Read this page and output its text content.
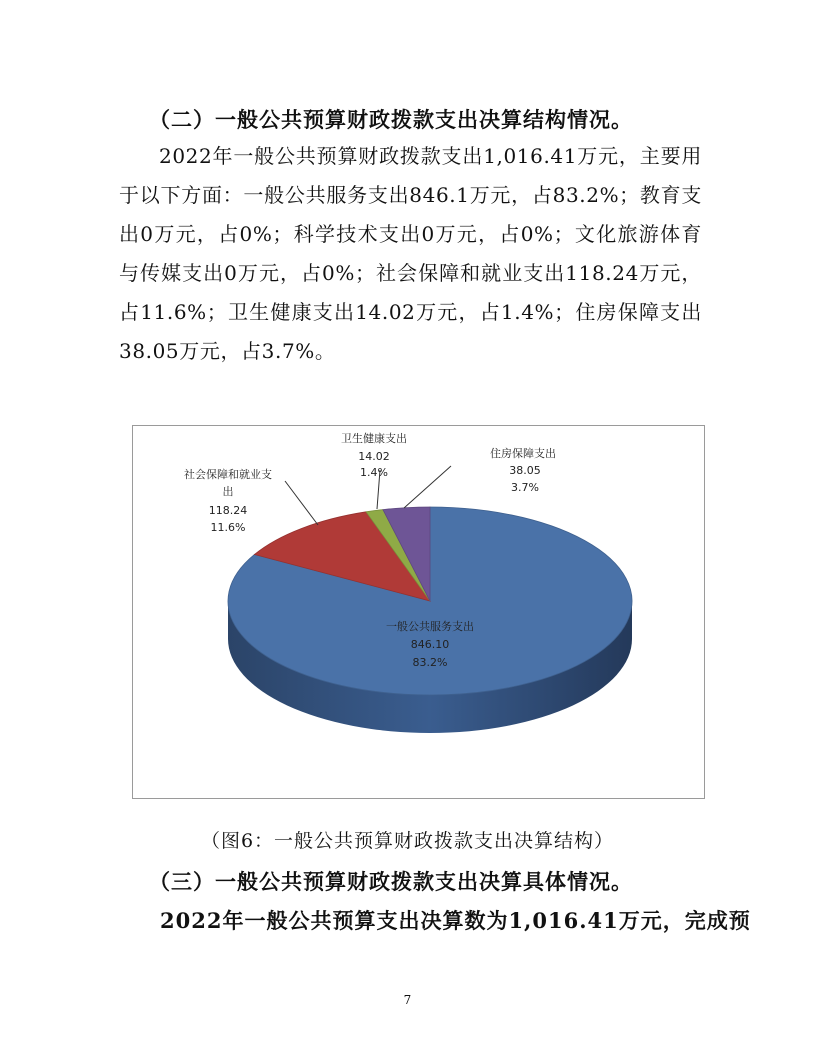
（二）一般公共预算财政拨款支出决算结构情况。
2022年一般公共预算财政拨款支出1,016.41万元，主要用于以下方面：一般公共服务支出846.1万元，占83.2%；教育支出0万元，占0%；科学技术支出0万元，占0%；文化旅游体育与传媒支出0万元，占0%；社会保障和就业支出118.24万元，占11.6%；卫生健康支出14.02万元，占1.4%；住房保障支出38.05万元，占3.7%。
卫生健康支出
14.02
1.4%
住房保障支出
38.05
3.7%
社会保障和就业支
出
118.24
11.6%
一般公共服务支出
846.10
83.2%
（图6：一般公共预算财政拨款支出决算结构）
（三）一般公共预算财政拨款支出决算具体情况。
2022年一般公共预算支出决算数为1,016.41万元，完成预
7
